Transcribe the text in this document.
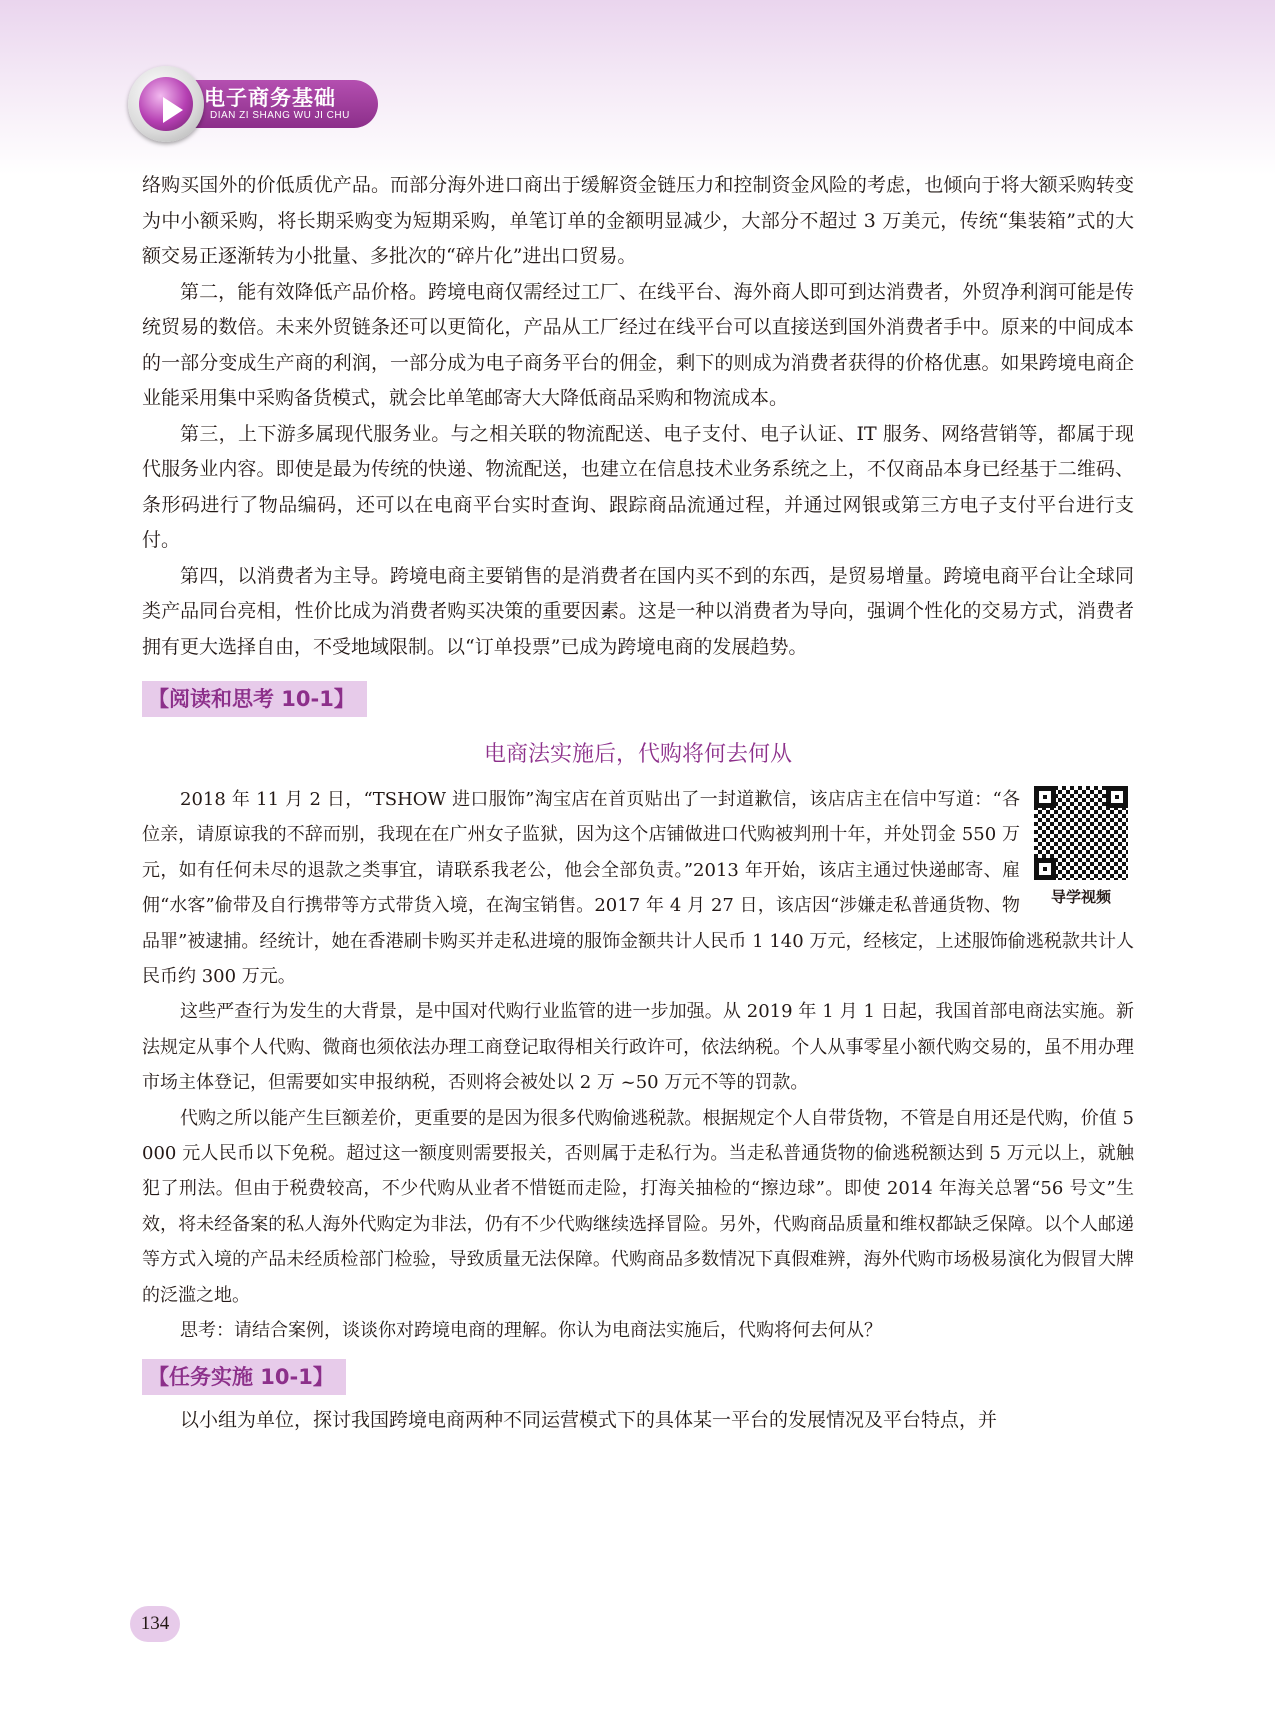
电子商务基础
DIAN ZI SHANG WU JI CHU

络购买国外的价低质优产品。而部分海外进口商出于缓解资金链压力和控制资金风险的考虑，也倾向于将大额采购转变为中小额采购，将长期采购变为短期采购，单笔订单的金额明显减少，大部分不超过 3 万美元，传统“集装箱”式的大额交易正逐渐转为小批量、多批次的“碎片化”进出口贸易。

第二，能有效降低产品价格。跨境电商仅需经过工厂、在线平台、海外商人即可到达消费者，外贸净利润可能是传统贸易的数倍。未来外贸链条还可以更简化，产品从工厂经过在线平台可以直接送到国外消费者手中。原来的中间成本的一部分变成生产商的利润，一部分成为电子商务平台的佣金，剩下的则成为消费者获得的价格优惠。如果跨境电商企业能采用集中采购备货模式，就会比单笔邮寄大大降低商品采购和物流成本。

第三，上下游多属现代服务业。与之相关联的物流配送、电子支付、电子认证、IT 服务、网络营销等，都属于现代服务业内容。即使是最为传统的快递、物流配送，也建立在信息技术业务系统之上，不仅商品本身已经基于二维码、条形码进行了物品编码，还可以在电商平台实时查询、跟踪商品流通过程，并通过网银或第三方电子支付平台进行支付。

第四，以消费者为主导。跨境电商主要销售的是消费者在国内买不到的东西，是贸易增量。跨境电商平台让全球同类产品同台亮相，性价比成为消费者购买决策的重要因素。这是一种以消费者为导向，强调个性化的交易方式，消费者拥有更大选择自由，不受地域限制。以“订单投票”已成为跨境电商的发展趋势。

【阅读和思考 10-1】

电商法实施后，代购将何去何从

导学视频

2018 年 11 月 2 日，“TSHOW 进口服饰”淘宝店在首页贴出了一封道歉信，该店店主在信中写道：“各位亲，请原谅我的不辞而别，我现在在广州女子监狱，因为这个店铺做进口代购被判刑十年，并处罚金 550 万元，如有任何未尽的退款之类事宜，请联系我老公，他会全部负责。”2013 年开始，该店主通过快递邮寄、雇佣“水客”偷带及自行携带等方式带货入境，在淘宝销售。2017 年 4 月 27 日，该店因“涉嫌走私普通货物、物品罪”被逮捕。经统计，她在香港刷卡购买并走私进境的服饰金额共计人民币 1 140 万元，经核定，上述服饰偷逃税款共计人民币约 300 万元。

这些严查行为发生的大背景，是中国对代购行业监管的进一步加强。从 2019 年 1 月 1 日起，我国首部电商法实施。新法规定从事个人代购、微商也须依法办理工商登记取得相关行政许可，依法纳税。个人从事零星小额代购交易的，虽不用办理市场主体登记，但需要如实申报纳税，否则将会被处以 2 万 ~50 万元不等的罚款。

代购之所以能产生巨额差价，更重要的是因为很多代购偷逃税款。根据规定个人自带货物，不管是自用还是代购，价值 5 000 元人民币以下免税。超过这一额度则需要报关，否则属于走私行为。当走私普通货物的偷逃税额达到 5 万元以上，就触犯了刑法。但由于税费较高，不少代购从业者不惜铤而走险，打海关抽检的“擦边球”。即使 2014 年海关总署“56 号文”生效，将未经备案的私人海外代购定为非法，仍有不少代购继续选择冒险。另外，代购商品质量和维权都缺乏保障。以个人邮递等方式入境的产品未经质检部门检验，导致质量无法保障。代购商品多数情况下真假难辨，海外代购市场极易演化为假冒大牌的泛滥之地。

思考：请结合案例，谈谈你对跨境电商的理解。你认为电商法实施后，代购将何去何从？

【任务实施 10-1】

以小组为单位，探讨我国跨境电商两种不同运营模式下的具体某一平台的发展情况及平台特点，并

134
